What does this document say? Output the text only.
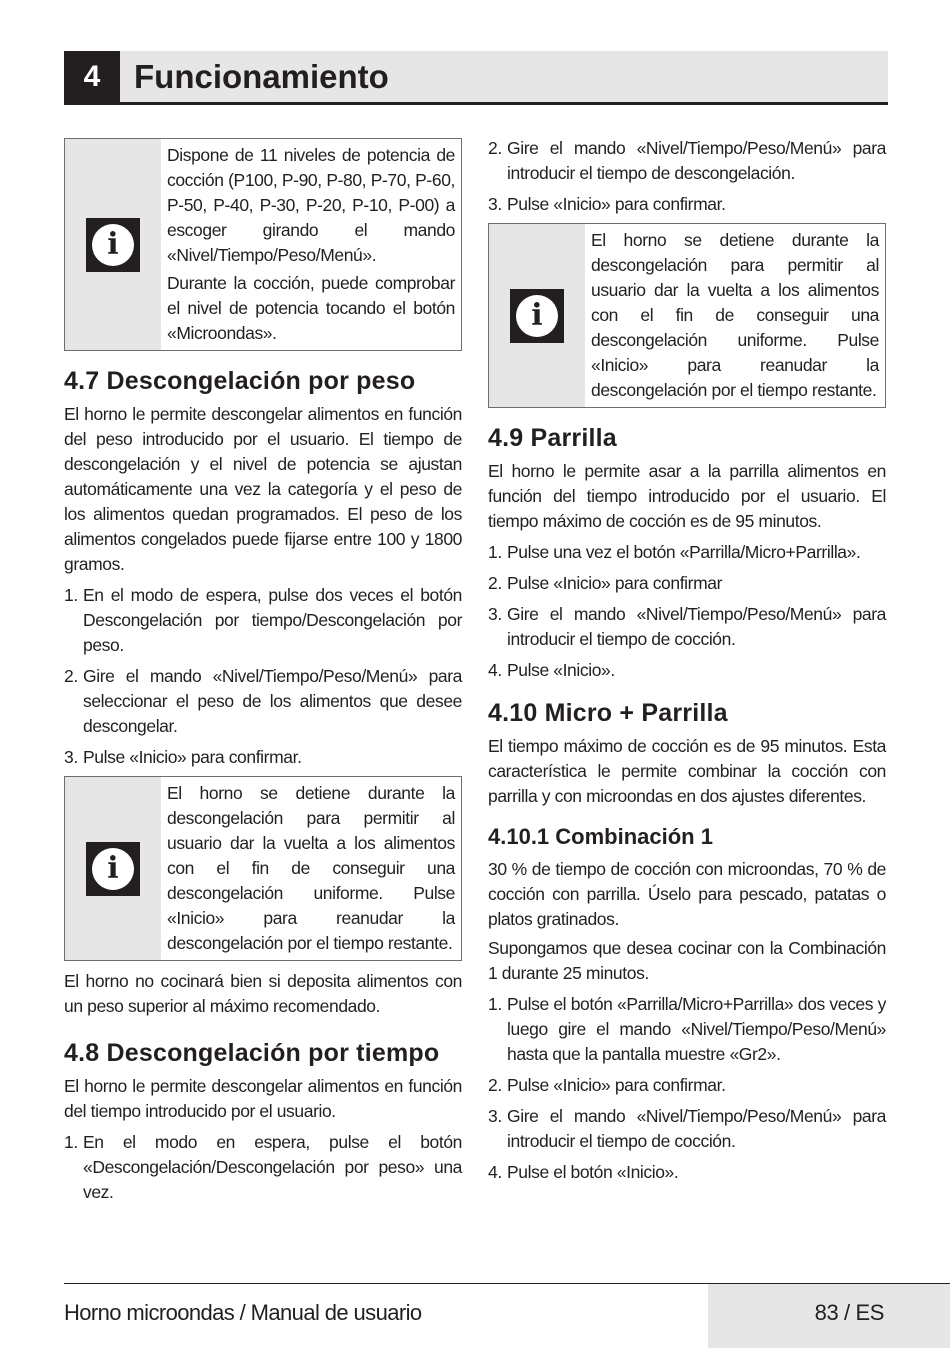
4	Funcionamiento
i

Dispone de 11 niveles de potencia de cocción (P100, P-90, P-80, P-70, P-60, P-50, P-40, P-30, P-20, P-10, P-00) a escoger girando el mando «Nivel/Tiempo/Peso/Menú».

Durante la cocción, puede comprobar el nivel de potencia tocando el botón «Microondas».

4.7 Descongelación por peso

El horno le permite descongelar alimentos en función del peso introducido por el usuario. El tiempo de descongelación y el nivel de potencia se ajustan automáticamente una vez la categoría y el peso de los alimentos quedan programados. El peso de los alimentos congelados puede fijarse entre 100 y 1800 gramos.

1. En el modo de espera, pulse dos veces el botón Descongelación por tiempo/Descongelación por peso.
2. Gire el mando «Nivel/Tiempo/Peso/Menú» para seleccionar el peso de los alimentos que desee descongelar.
3. Pulse «Inicio» para confirmar.
i

El horno se detiene durante la descongelación para permitir al usuario dar la vuelta a los alimentos con el fin de conseguir una descongelación uniforme. Pulse «Inicio» para reanudar la descongelación por el tiempo restante.

El horno no cocinará bien si deposita alimentos con un peso superior al máximo recomendado.

4.8 Descongelación por tiempo

El horno le permite descongelar alimentos en función del tiempo introducido por el usuario.

1. En el modo en espera, pulse el botón «Descongelación/Descongelación por peso» una vez.
2. Gire el mando «Nivel/Tiempo/Peso/Menú» para introducir el tiempo de descongelación.
3. Pulse «Inicio» para confirmar.
i

El horno se detiene durante la descongelación para permitir al usuario dar la vuelta a los alimentos con el fin de conseguir una descongelación uniforme. Pulse «Inicio» para reanudar la descongelación por el tiempo restante.

4.9 Parrilla

El horno le permite asar a la parrilla alimentos en función del tiempo introducido por el usuario. El tiempo máximo de cocción es de 95 minutos.

1. Pulse una vez el botón «Parrilla/Micro+Parrilla».
2. Pulse «Inicio» para confirmar
3. Gire el mando «Nivel/Tiempo/Peso/Menú» para introducir el tiempo de cocción.
4. Pulse «Inicio».
4.10 Micro + Parrilla

El tiempo máximo de cocción es de 95 minutos. Esta característica le permite combinar la cocción con parrilla y con microondas en dos ajustes diferentes.

4.10.1 Combinación 1

30 % de tiempo de cocción con microondas, 70 % de cocción con parrilla. Úselo para pescado, patatas o platos gratinados.

Supongamos que desea cocinar con la Combinación 1 durante 25 minutos.

1. Pulse el botón «Parrilla/Micro+Parrilla» dos veces y luego gire el mando «Nivel/Tiempo/Peso/Menú» hasta que la pantalla muestre «Gr2».
2. Pulse «Inicio» para confirmar.
3. Gire el mando «Nivel/Tiempo/Peso/Menú» para introducir el tiempo de cocción.
4. Pulse el botón «Inicio».
Horno microondas / Manual de usuario	83 / ES
